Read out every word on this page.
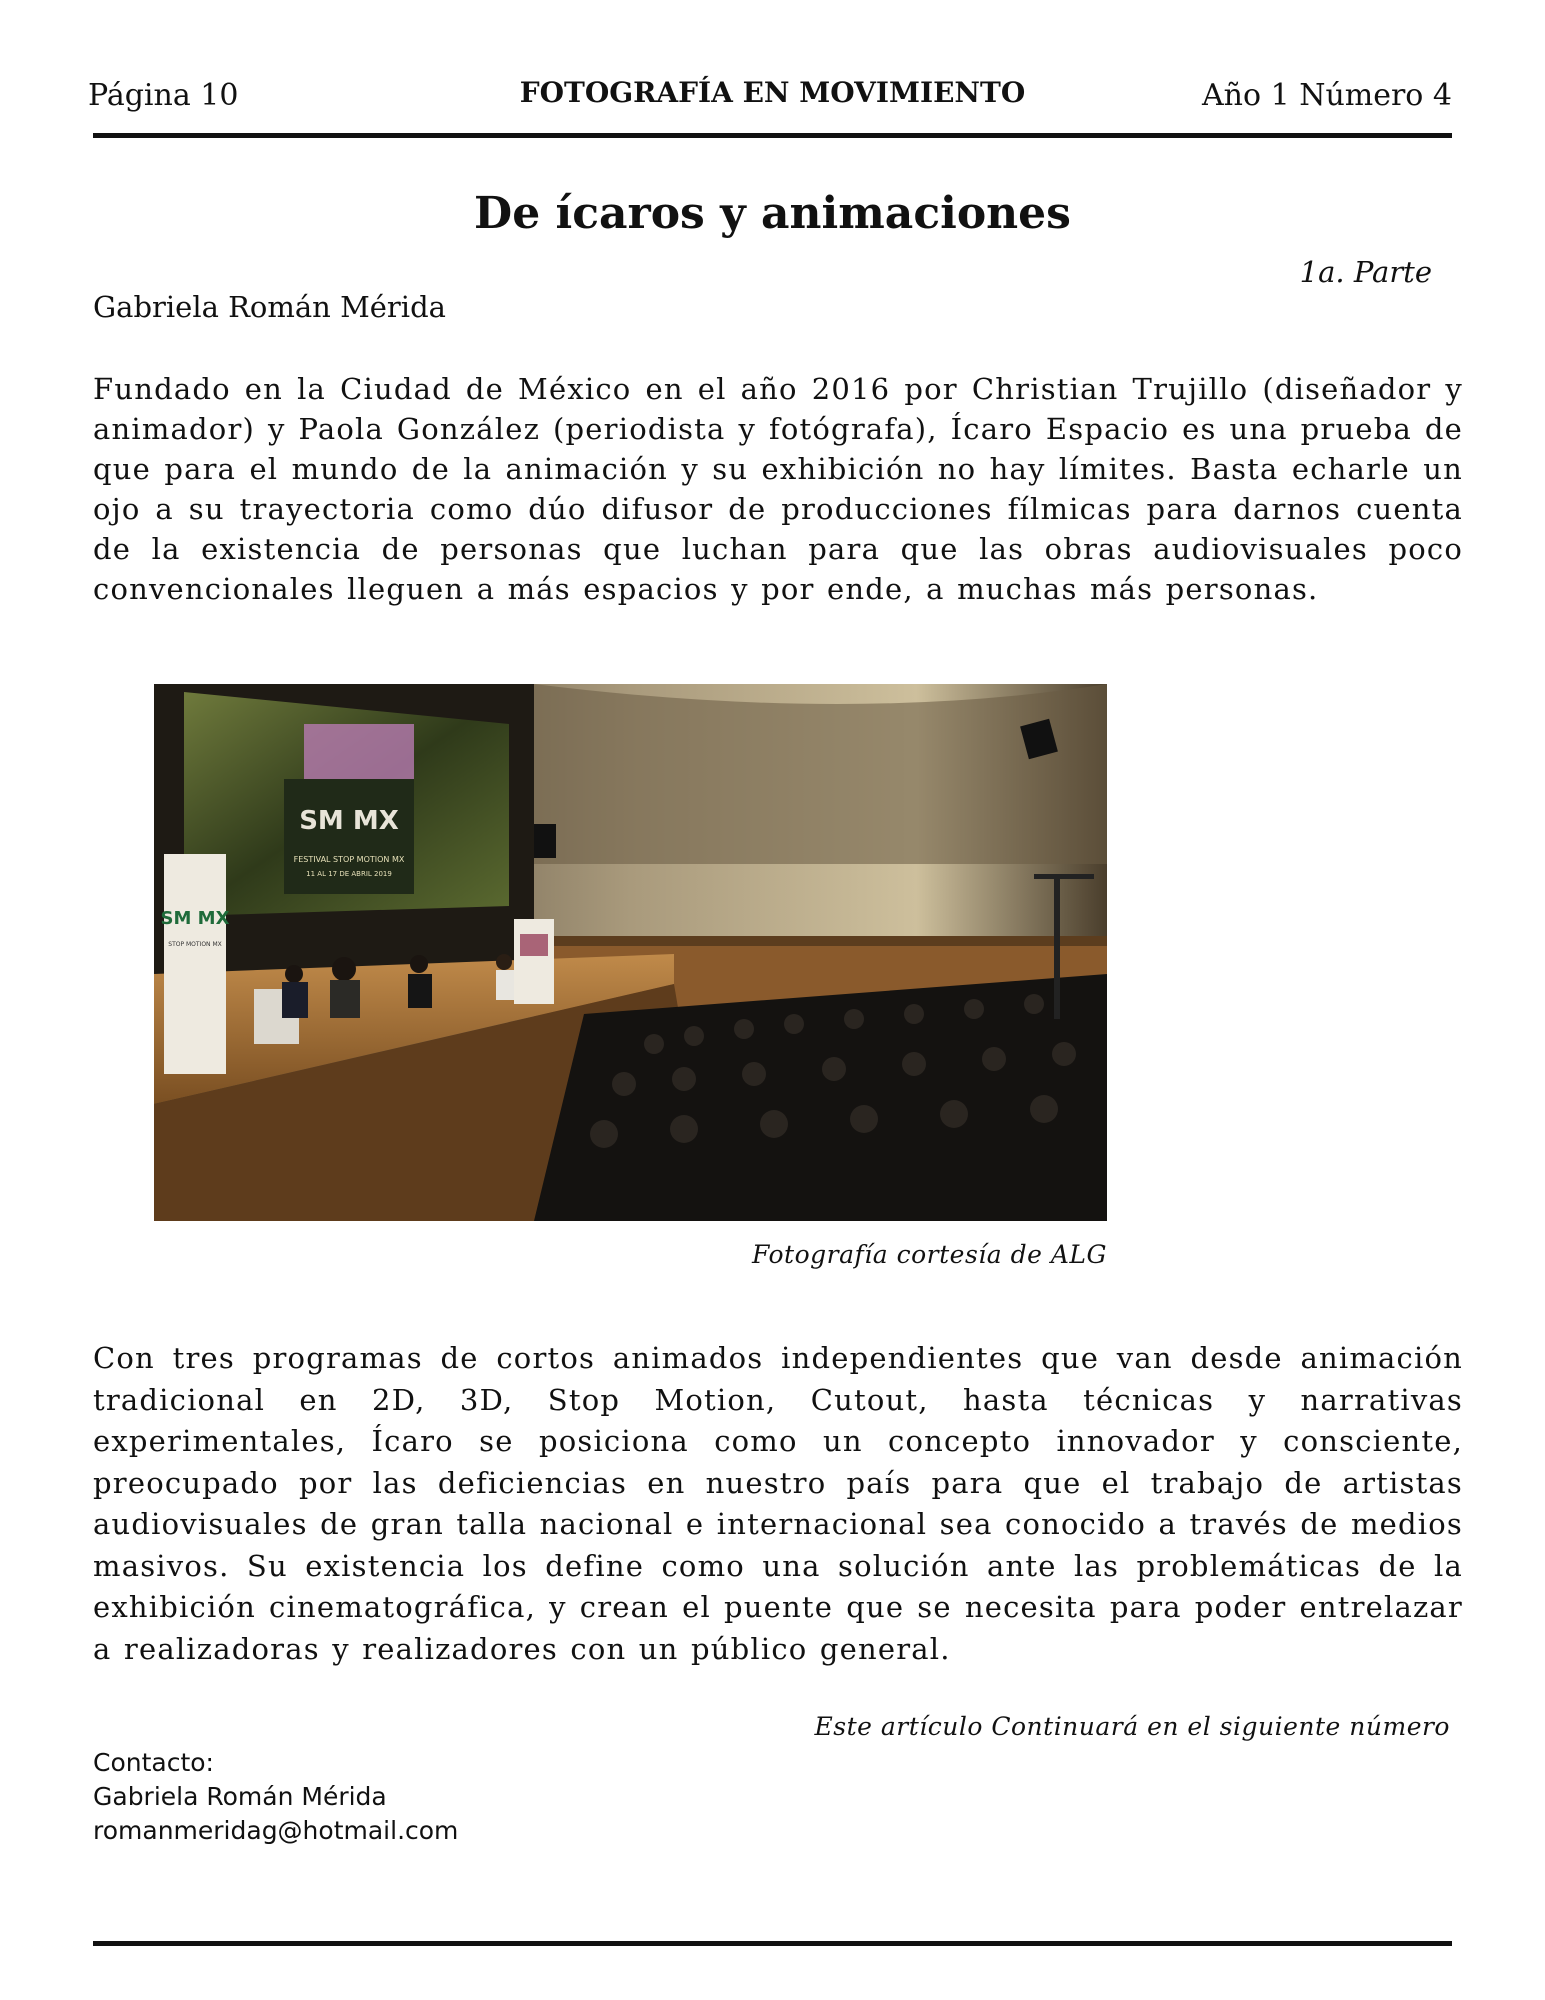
Página 10	FOTOGRAFÍA EN MOVIMIENTO	Año 1 Número 4
De ícaros y animaciones
1a. Parte
Gabriela Román Mérida
Fundado en la Ciudad de México en el año 2016 por Christian Trujillo (diseñador y animador) y Paola González (periodista y fotógrafa), Ícaro Espacio es una prueba de que para el mundo de la animación y su exhibición no hay límites. Basta echarle un ojo a su trayectoria como dúo difusor de producciones fílmicas para darnos cuenta de la existencia de personas que luchan para que las obras audiovisuales poco convencionales lleguen a más espacios y por ende, a muchas más personas.
SM MX
FESTIVAL STOP MOTION MX
11 AL 17 DE ABRIL 2019
SM MX
STOP MOTION MX
Fotografía cortesía de ALG
Con tres programas de cortos animados independientes que van desde animación tradicional en 2D, 3D, Stop Motion, Cutout, hasta técnicas y narrativas experimentales, Ícaro se posiciona como un concepto innovador y consciente, preocupado por las deficiencias en nuestro país para que el trabajo de artistas audiovisuales de gran talla nacional e internacional sea conocido a través de medios masivos. Su existencia los define como una solución ante las problemáticas de la exhibición cinematográfica, y crean el puente que se necesita para poder entrelazar a realizadoras y realizadores con un público general.
Este artículo Continuará en el siguiente número
Contacto:
Gabriela Román Mérida
romanmeridag@hotmail.com
